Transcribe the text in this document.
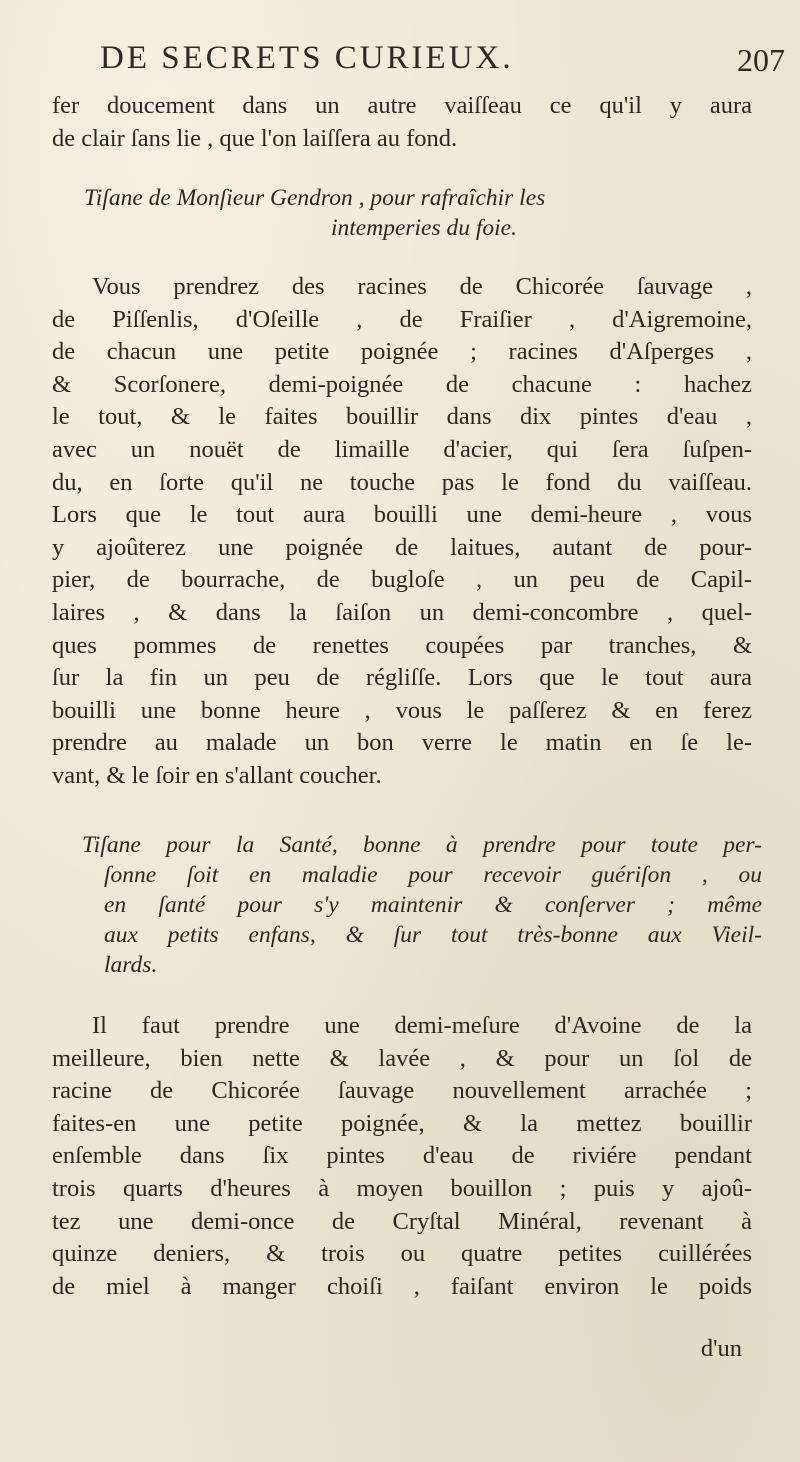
DE SECRETS CURIEUX.	207
fer doucement dans un autre vaiſſeau ce qu'il y aura
de clair ſans lie , que l'on laiſſera au fond.
Tiſane de Monſieur Gendron , pour rafraîchir les
intemperies du foie.
Vous prendrez des racines de Chicorée ſauvage ,
de Piſſenlis, d'Oſeille , de Fraiſier , d'Aigremoine,
de chacun une petite poignée ; racines d'Aſperges ,
& Scorſonere, demi-poignée de chacune : hachez
le tout, & le faites bouillir dans dix pintes d'eau ,
avec un nouët de limaille d'acier, qui ſera ſuſpen-
du, en ſorte qu'il ne touche pas le fond du vaiſſeau.
Lors que le tout aura bouilli une demi-heure , vous
y ajoûterez une poignée de laitues, autant de pour-
pier, de bourrache, de bugloſe , un peu de Capil-
laires , & dans la ſaiſon un demi-concombre , quel-
ques pommes de renettes coupées par tranches, &
ſur la fin un peu de régliſſe. Lors que le tout aura
bouilli une bonne heure , vous le paſſerez & en ferez
prendre au malade un bon verre le matin en ſe le-
vant, & le ſoir en s'allant coucher.
Tiſane pour la Santé, bonne à prendre pour toute per-
ſonne ſoit en maladie pour recevoir guériſon , ou
en ſanté pour s'y maintenir & conſerver ; même
aux petits enfans, & ſur tout très-bonne aux Vieil-
lards.
Il faut prendre une demi-meſure d'Avoine de la
meilleure, bien nette & lavée , & pour un ſol de
racine de Chicorée ſauvage nouvellement arrachée ;
faites-en une petite poignée, & la mettez bouillir
enſemble dans ſix pintes d'eau de riviére pendant
trois quarts d'heures à moyen bouillon ; puis y ajoû-
tez une demi-once de Cryſtal Minéral, revenant à
quinze deniers, & trois ou quatre petites cuillérées
de miel à manger choiſi , faiſant environ le poids
d'un
